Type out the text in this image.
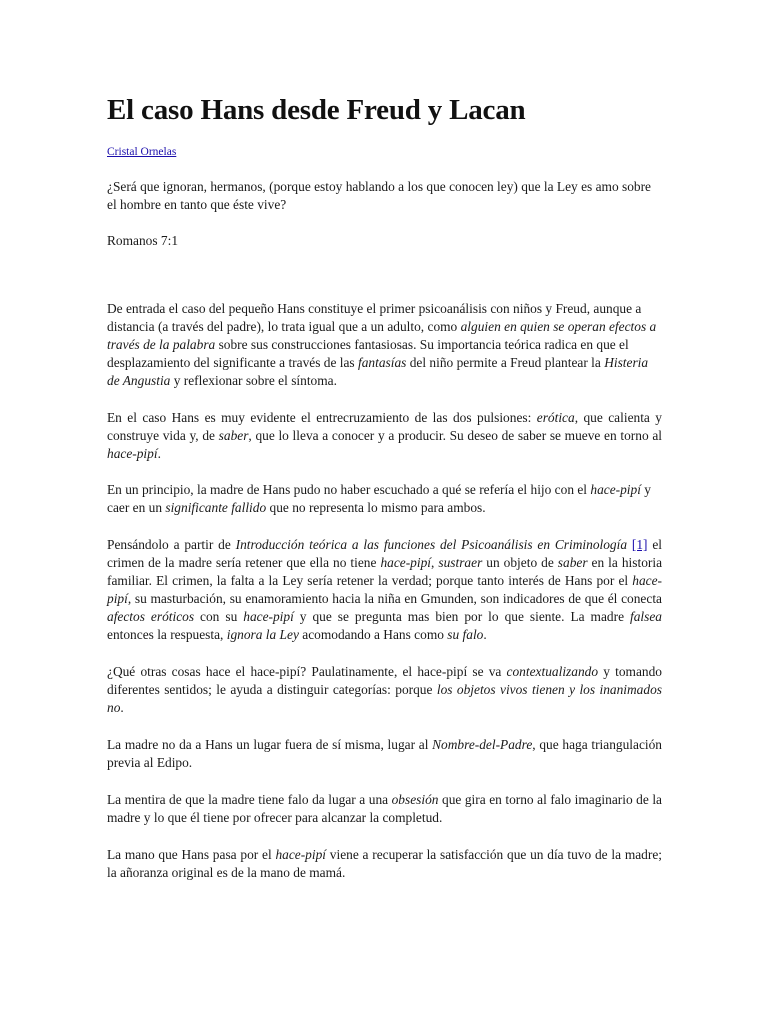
El caso Hans desde Freud y Lacan
Cristal Ornelas

¿Será que ignoran, hermanos, (porque estoy hablando a los que conocen ley) que la Ley es amo sobre el hombre en tanto que éste vive?

Romanos 7:1

De entrada el caso del pequeño Hans constituye el primer psicoanálisis con niños y Freud, aunque a distancia (a través del padre), lo trata igual que a un adulto, como alguien en quien se operan efectos a través de la palabra sobre sus construcciones fantasiosas. Su importancia teórica radica en que el desplazamiento del significante a través de las fantasías del niño permite a Freud plantear la Histeria de Angustia y reflexionar sobre el síntoma.

En el caso Hans es muy evidente el entrecruzamiento de las dos pulsiones: erótica, que calienta y construye vida y, de saber, que lo lleva a conocer y a producir. Su deseo de saber se mueve en torno al hace-pipí.

En un principio, la madre de Hans pudo no haber escuchado a qué se refería el hijo con el hace-pipí y caer en un significante fallido que no representa lo mismo para ambos.

Pensándolo a partir de Introducción teórica a las funciones del Psicoanálisis en Criminología [1] el crimen de la madre sería retener que ella no tiene hace-pipí, sustraer un objeto de saber en la historia familiar. El crimen, la falta a la Ley sería retener la verdad; porque tanto interés de Hans por el hace-pipí, su masturbación, su enamoramiento hacia la niña en Gmunden, son indicadores de que él conecta afectos eróticos con su hace-pipí y que se pregunta mas bien por lo que siente. La madre falsea entonces la respuesta, ignora la Ley acomodando a Hans como su falo.

¿Qué otras cosas hace el hace-pipí? Paulatinamente, el hace-pipí se va contextualizando y tomando diferentes sentidos; le ayuda a distinguir categorías: porque los objetos vivos tienen y los inanimados no.

La madre no da a Hans un lugar fuera de sí misma, lugar al Nombre-del-Padre, que haga triangulación previa al Edipo.

La mentira de que la madre tiene falo da lugar a una obsesión que gira en torno al falo imaginario de la madre y lo que él tiene por ofrecer para alcanzar la completud.

La mano que Hans pasa por el hace-pipí viene a recuperar la satisfacción que un día tuvo de la madre; la añoranza original es de la mano de mamá.
